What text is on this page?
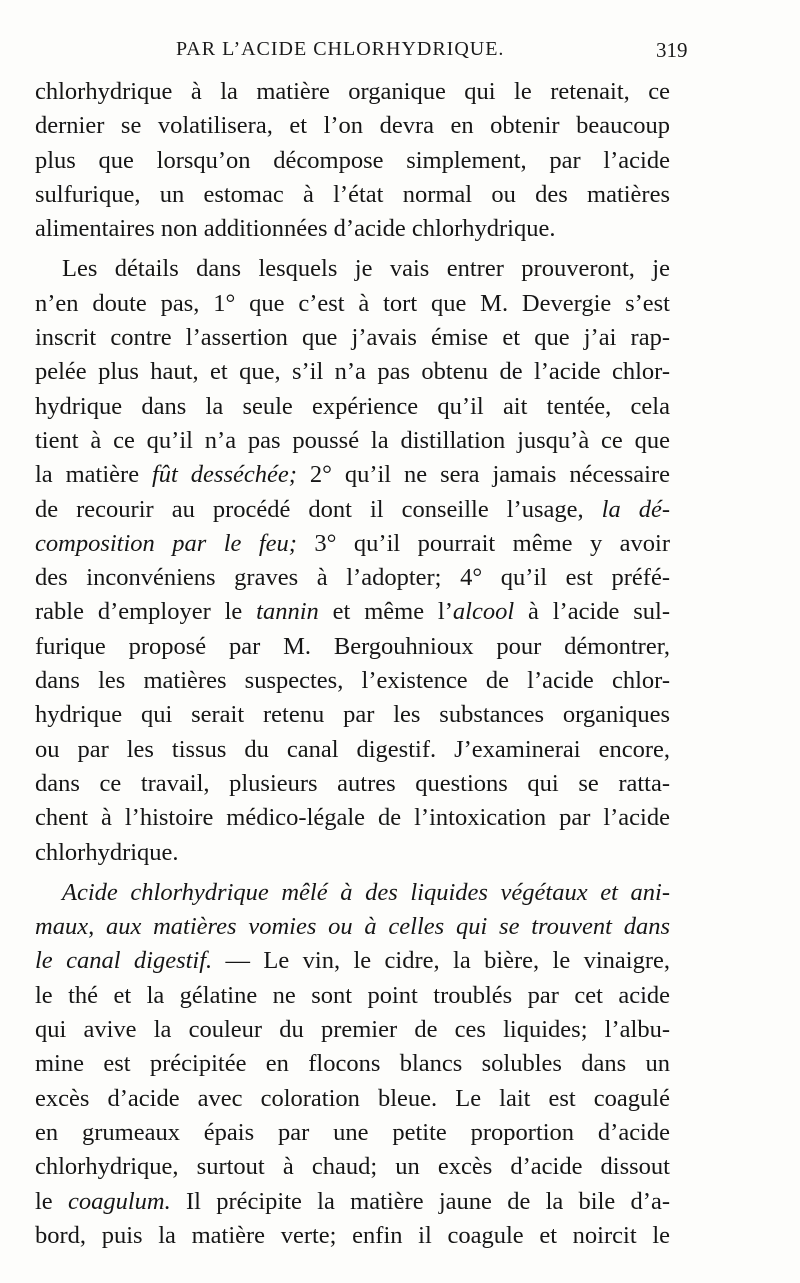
PAR L’ACIDE CHLORHYDRIQUE.	319
chlorhydrique à la matière organique qui le retenait, ce
dernier se volatilisera, et l’on devra en obtenir beaucoup
plus que lorsqu’on décompose simplement, par l’acide
sulfurique, un estomac à l’état normal ou des matières
alimentaires non additionnées d’acide chlorhydrique.
Les détails dans lesquels je vais entrer prouveront, je
n’en doute pas, 1° que c’est à tort que M. Devergie s’est
inscrit contre l’assertion que j’avais émise et que j’ai rap-
pelée plus haut, et que, s’il n’a pas obtenu de l’acide chlor-
hydrique dans la seule expérience qu’il ait tentée, cela
tient à ce qu’il n’a pas poussé la distillation jusqu’à ce que
la matière fût desséchée; 2° qu’il ne sera jamais nécessaire
de recourir au procédé dont il conseille l’usage, la dé-
composition par le feu; 3° qu’il pourrait même y avoir
des inconvéniens graves à l’adopter; 4° qu’il est préfé-
rable d’employer le tannin et même l’alcool à l’acide sul-
furique proposé par M. Bergouhnioux pour démontrer,
dans les matières suspectes, l’existence de l’acide chlor-
hydrique qui serait retenu par les substances organiques
ou par les tissus du canal digestif. J’examinerai encore,
dans ce travail, plusieurs autres questions qui se ratta-
chent à l’histoire médico-légale de l’intoxication par l’acide
chlorhydrique.
Acide chlorhydrique mêlé à des liquides végétaux et ani-
maux, aux matières vomies ou à celles qui se trouvent dans
le canal digestif. — Le vin, le cidre, la bière, le vinaigre,
le thé et la gélatine ne sont point troublés par cet acide
qui avive la couleur du premier de ces liquides; l’albu-
mine est précipitée en flocons blancs solubles dans un
excès d’acide avec coloration bleue. Le lait est coagulé
en grumeaux épais par une petite proportion d’acide
chlorhydrique, surtout à chaud; un excès d’acide dissout
le coagulum. Il précipite la matière jaune de la bile d’a-
bord, puis la matière verte; enfin il coagule et noircit le
